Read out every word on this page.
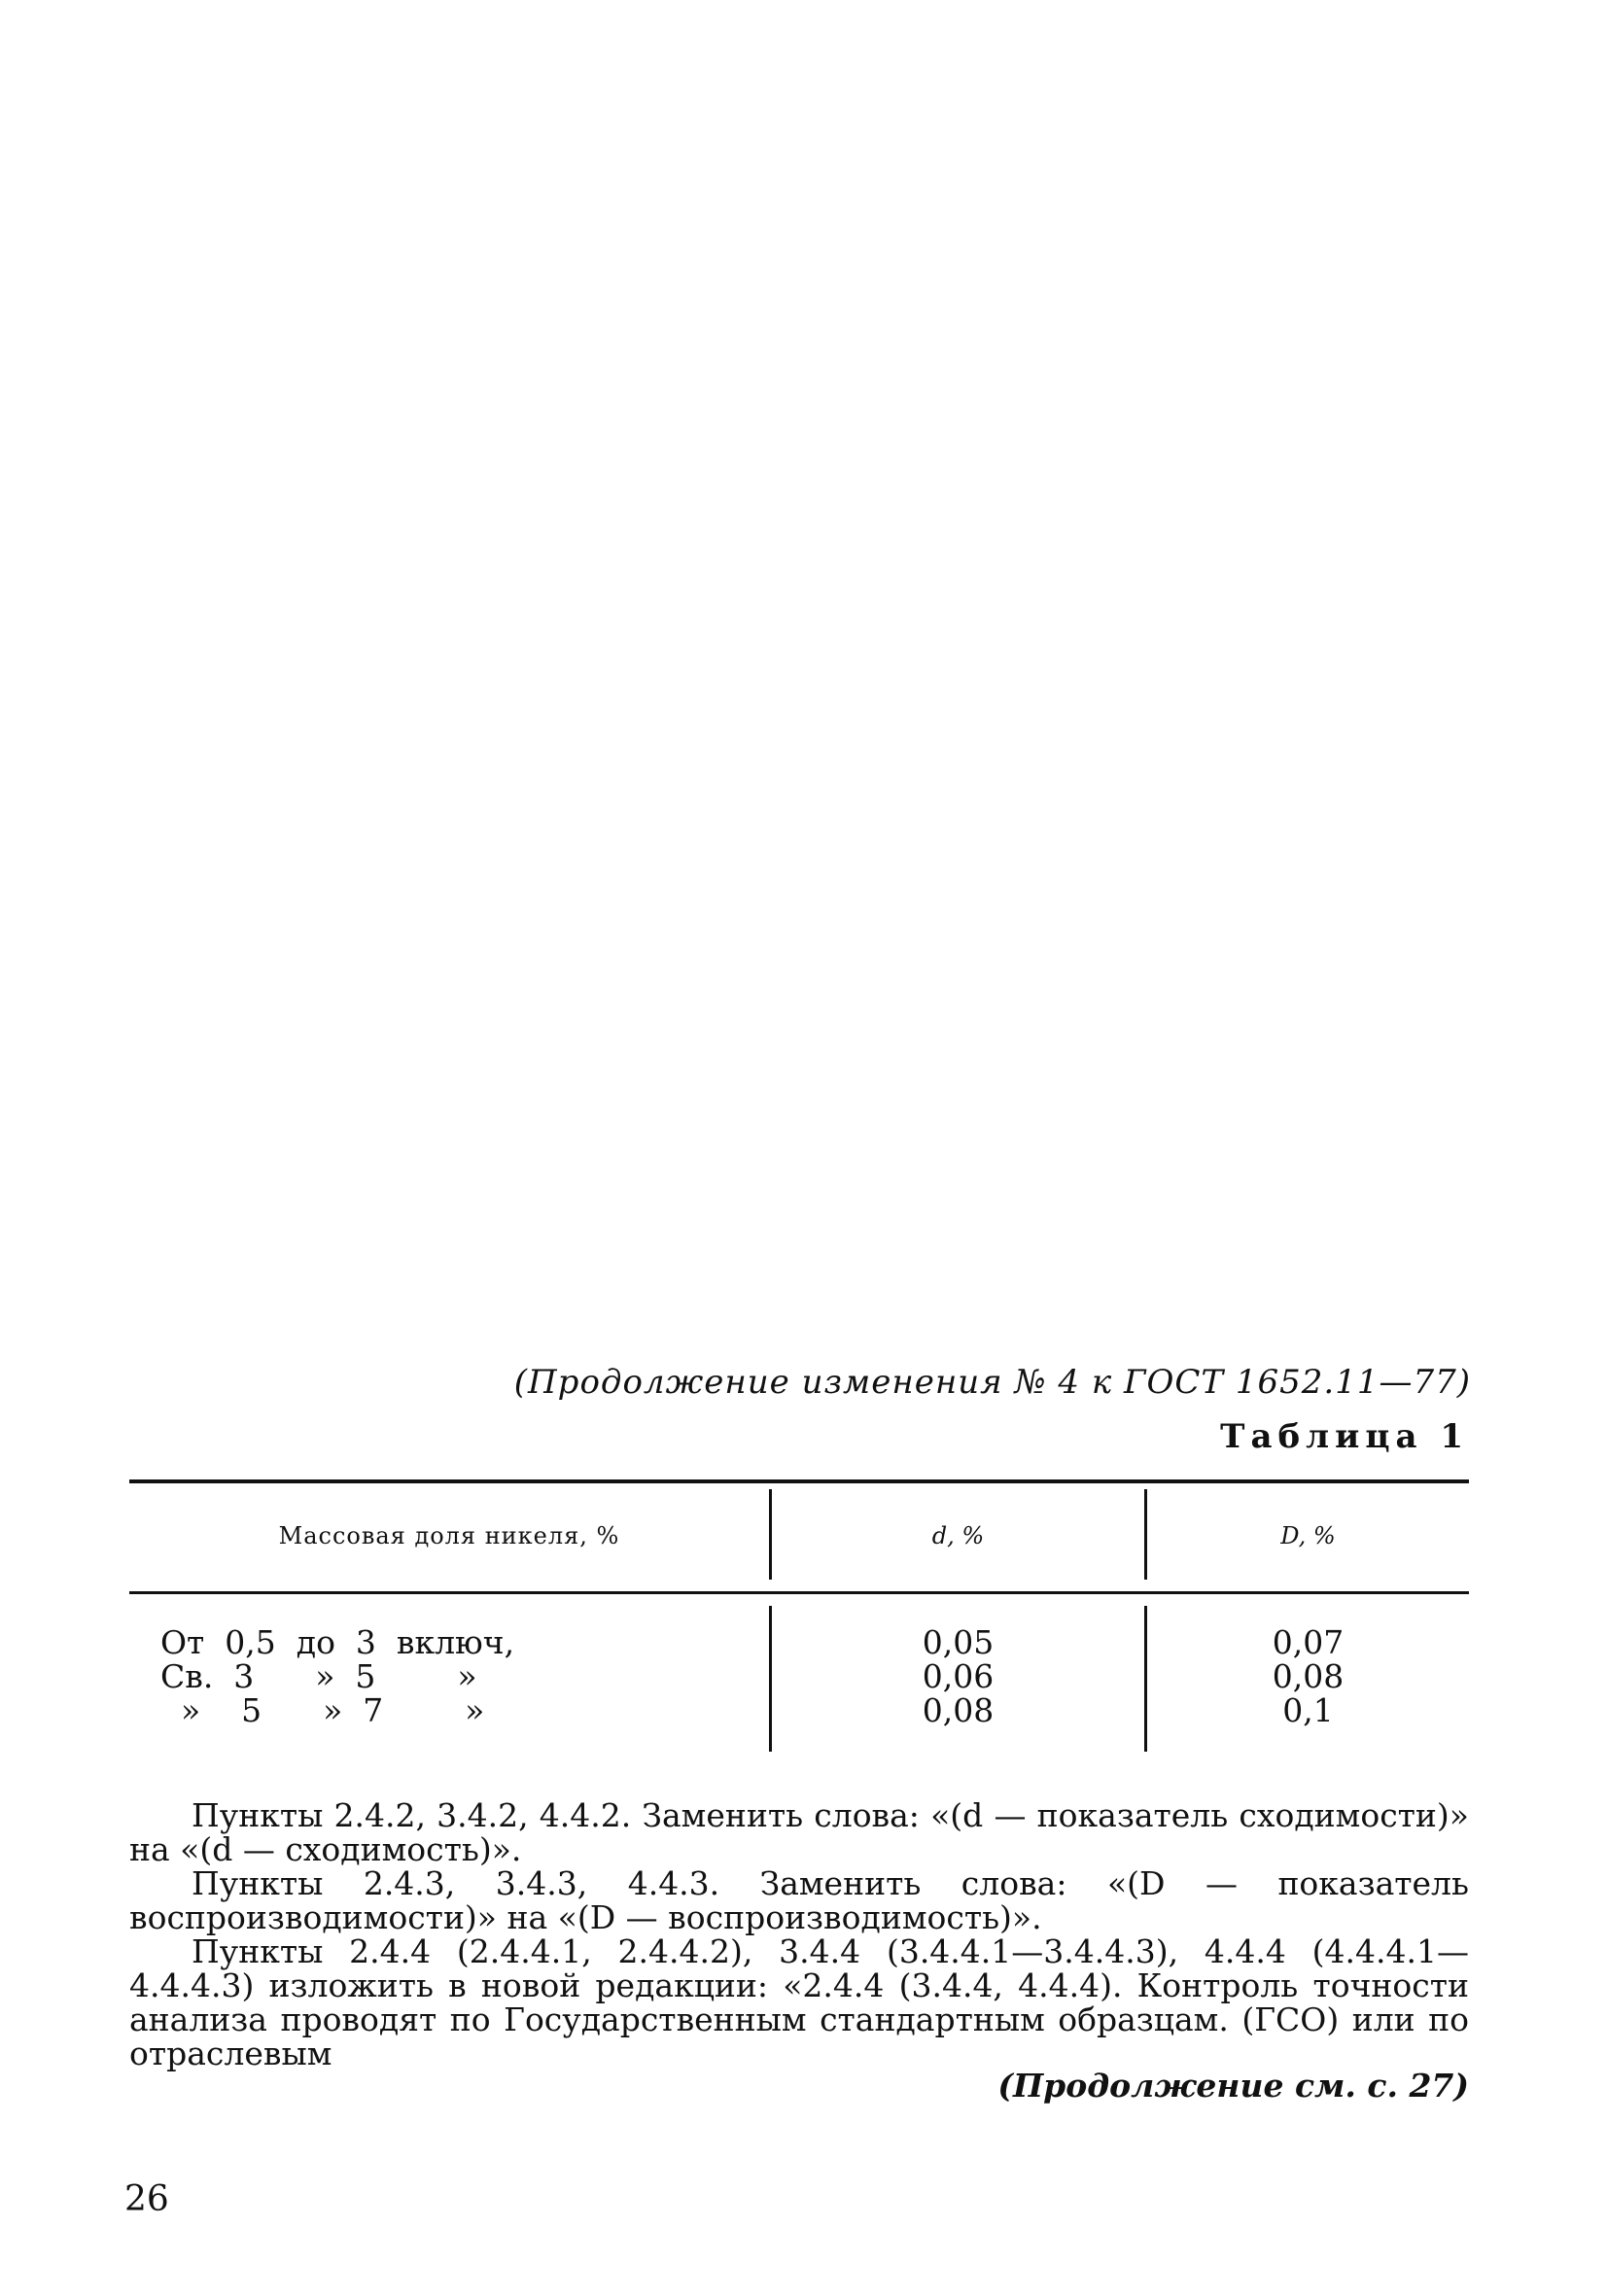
(Продолжение изменения № 4 к ГОСТ 1652.11—77)
Таблица 1
Массовая доля никеля, %	d, %	D, %
От  0,5  до  3  включ,	0,05	0,07
Св.  3      »  5        »	0,06	0,08
»    5      »  7        »	0,08	0,1

Пункты 2.4.2, 3.4.2, 4.4.2. Заменить слова: «(d — показатель сходимости)» на «(d — сходимость)».

Пункты 2.4.3, 3.4.3, 4.4.3. Заменить слова: «(D — показатель воспроизводимости)» на «(D — воспроизводимость)».

Пункты 2.4.4 (2.4.4.1, 2.4.4.2), 3.4.4 (3.4.4.1—3.4.4.3), 4.4.4 (4.4.4.1—4.4.4.3) изложить в новой редакции: «2.4.4 (3.4.4, 4.4.4). Контроль точности анализа проводят по Государственным стандартным образцам. (ГСО) или по отраслевым

(Продолжение см. с. 27)
26
